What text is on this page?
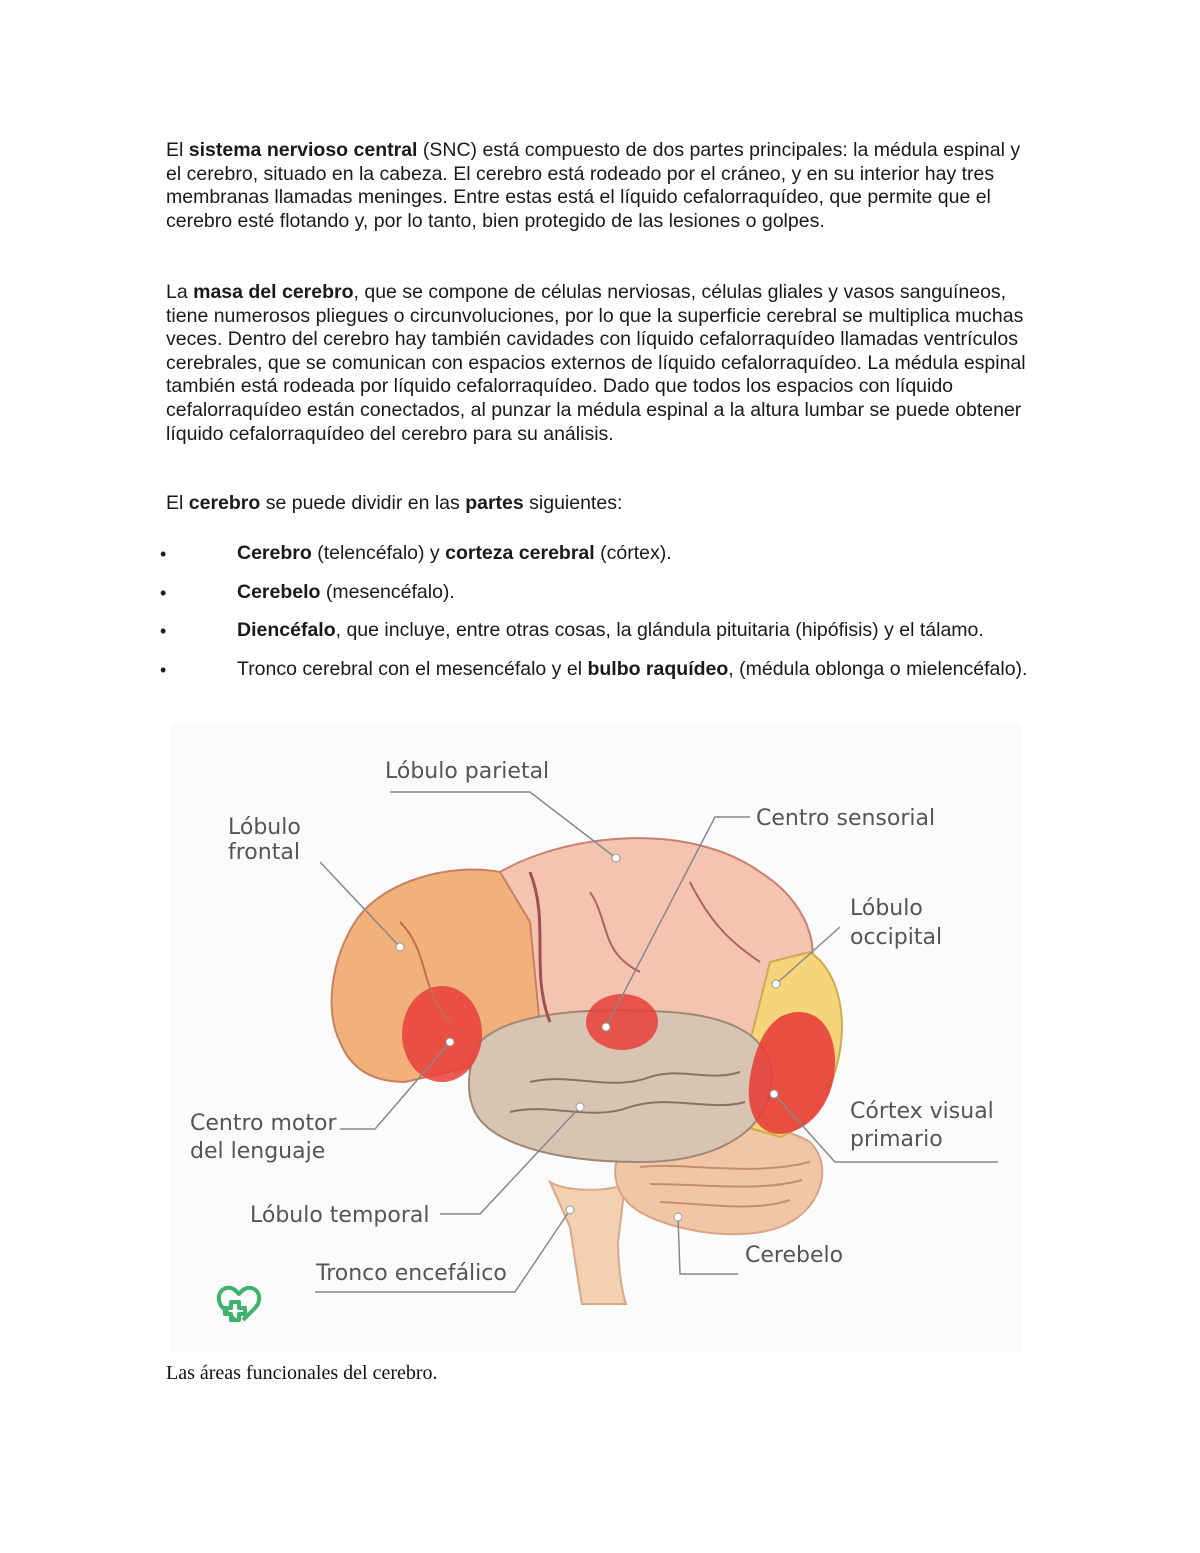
El sistema nervioso central (SNC) está compuesto de dos partes principales: la médula espinal y el cerebro, situado en la cabeza. El cerebro está rodeado por el cráneo, y en su interior hay tres membranas llamadas meninges. Entre estas está el líquido cefalorraquídeo, que permite que el cerebro esté flotando y, por lo tanto, bien protegido de las lesiones o golpes.

La masa del cerebro, que se compone de células nerviosas, células gliales y vasos sanguíneos, tiene numerosos pliegues o circunvoluciones, por lo que la superficie cerebral se multiplica muchas veces. Dentro del cerebro hay también cavidades con líquido cefalorraquídeo llamadas ventrículos cerebrales, que se comunican con espacios externos de líquido cefalorraquídeo. La médula espinal también está rodeada por líquido cefalorraquídeo. Dado que todos los espacios con líquido cefalorraquídeo están conectados, al punzar la médula espinal a la altura lumbar se puede obtener líquido cefalorraquídeo del cerebro para su análisis.

El cerebro se puede dividir en las partes siguientes:

•	Cerebro (telencéfalo) y corteza cerebral (córtex).
•	Cerebelo (mesencéfalo).
•	Diencéfalo, que incluye, entre otras cosas, la glándula pituitaria (hipófisis) y el tálamo.
•	Tronco cerebral con el mesencéfalo y el bulbo raquídeo, (médula oblonga o mielencéfalo).
Lóbulo parietal
Lóbulo
frontal
Centro sensorial
Lóbulo
occipital
Centro motor
del lenguaje
Córtex visual
primario
Lóbulo temporal
Cerebelo
Tronco encefálico
Las áreas funcionales del cerebro.
